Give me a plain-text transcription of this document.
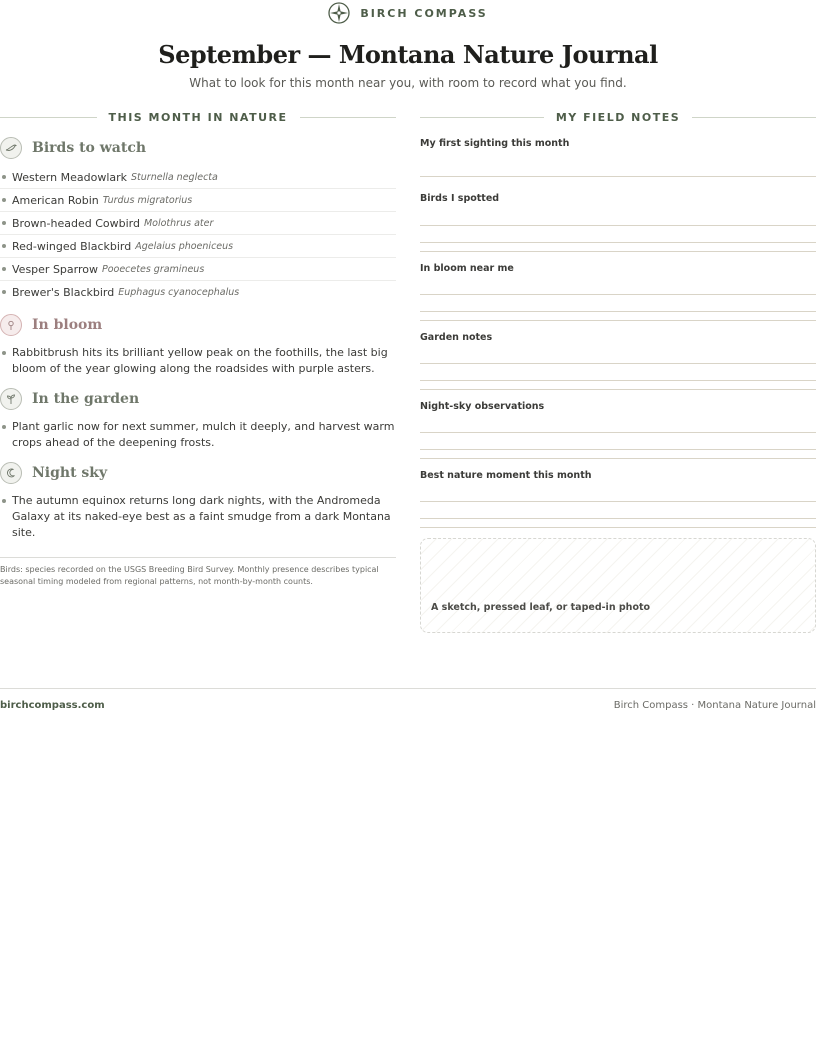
BIRCH COMPASS
September — Montana Nature Journal
What to look for this month near you, with room to record what you find.
THIS MONTH IN NATURE
Birds to watch
Western Meadowlark Sturnella neglecta
American Robin Turdus migratorius
Brown-headed Cowbird Molothrus ater
Red-winged Blackbird Agelaius phoeniceus
Vesper Sparrow Pooecetes gramineus
Brewer's Blackbird Euphagus cyanocephalus
In bloom
Rabbitbrush hits its brilliant yellow peak on the foothills, the last big bloom of the year glowing along the roadsides with purple asters.
In the garden
Plant garlic now for next summer, mulch it deeply, and harvest warm crops ahead of the deepening frosts.
Night sky
The autumn equinox returns long dark nights, with the Andromeda Galaxy at its naked-eye best as a faint smudge from a dark Montana site.
Birds: species recorded on the USGS Breeding Bird Survey. Monthly presence describes typical seasonal timing modeled from regional patterns, not month-by-month counts.
MY FIELD NOTES
My first sighting this month
Birds I spotted
In bloom near me
Garden notes
Night-sky observations
Best nature moment this month
A sketch, pressed leaf, or taped-in photo
birchcompass.com	Birch Compass · Montana Nature Journal
